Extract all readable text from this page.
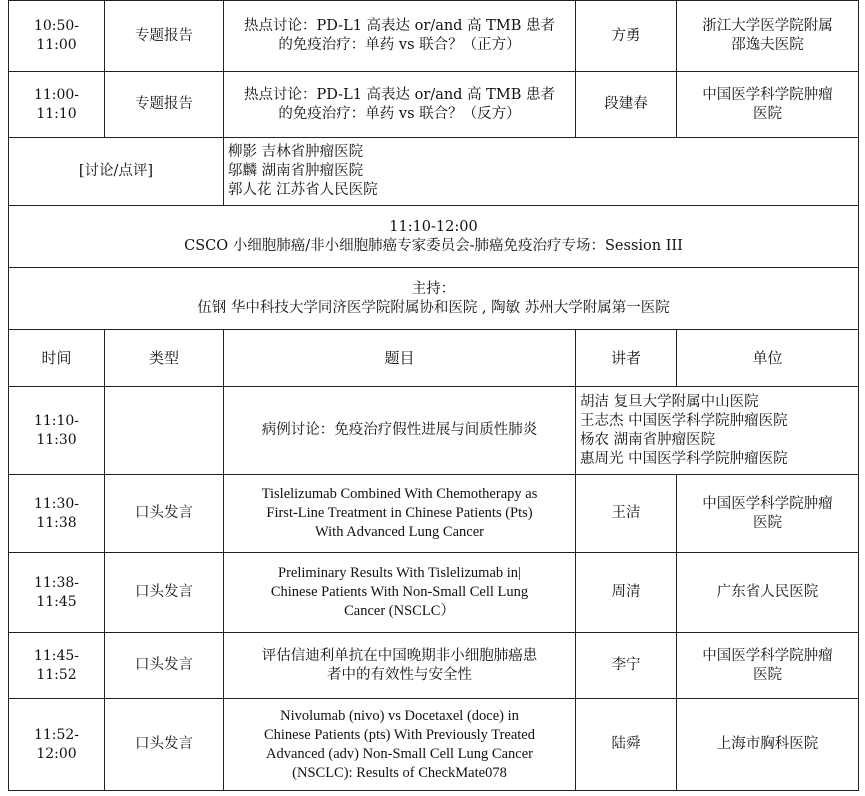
10:50-
11:00	专题报告	热点讨论：PD-L1 高表达 or/and 高 TMB 患者
的免疫治疗：单药 vs 联合？（正方）	方勇	浙江大学医学院附属
邵逸夫医院

11:00-
11:10	专题报告	热点讨论：PD-L1 高表达 or/and 高 TMB 患者
的免疫治疗：单药 vs 联合？（反方）	段建春	中国医学科学院肿瘤
医院

[讨论/点评]		柳影 吉林省肿瘤医院
邬麟 湖南省肿瘤医院
郭人花 江苏省人民医院		

11:10-12:00
CSCO 小细胞肺癌/非小细胞肺癌专家委员会-肺癌免疫治疗专场：Session III				

主持：
伍钢 华中科技大学同济医学院附属协和医院 , 陶敏 苏州大学附属第一医院				

时间	类型	题目	讲者	单位

11:10-
11:30		病例讨论：免疫治疗假性进展与间质性肺炎	胡洁 复旦大学附属中山医院
王志杰 中国医学科学院肿瘤医院
杨农 湖南省肿瘤医院
惠周光 中国医学科学院肿瘤医院	

11:30-
11:38	口头发言	Tislelizumab Combined With Chemotherapy as
First-Line Treatment in Chinese Patients (Pts)
With Advanced Lung Cancer	王洁	中国医学科学院肿瘤
医院

11:38-
11:45	口头发言	Preliminary Results With Tislelizumab in|
Chinese Patients With Non-Small Cell Lung
Cancer (NSCLC）	周清	广东省人民医院

11:45-
11:52	口头发言	评估信迪利单抗在中国晚期非小细胞肺癌患
者中的有效性与安全性	李宁	中国医学科学院肿瘤
医院

11:52-
12:00	口头发言	Nivolumab (nivo) vs Docetaxel (doce) in
Chinese Patients (pts) With Previously Treated
Advanced (adv) Non-Small Cell Lung Cancer
(NSCLC): Results of CheckMate078	陆舜	上海市胸科医院
